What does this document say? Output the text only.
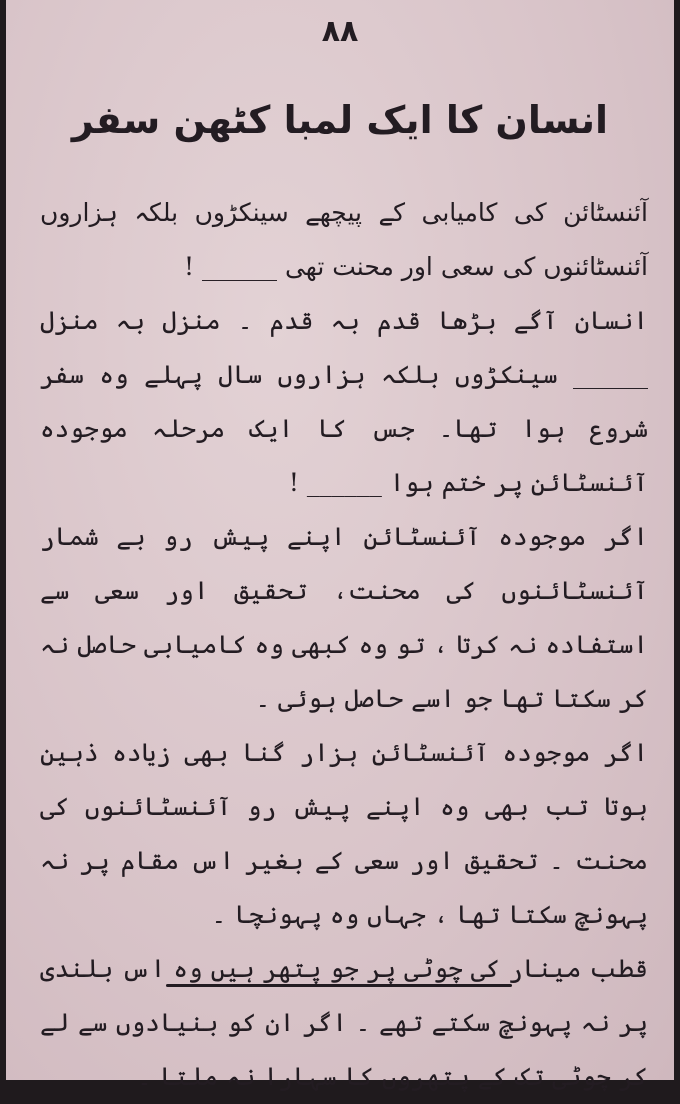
۸۸
انسان کا ایک لمبا کٹھن سفر

آئنسٹائن کی کامیابی کے پیچھے سینکڑوں بلکہ ہزاروں آئنسٹائنوں کی سعی اور محنت تھی ______ !

انسان آگے بڑھا قدم بہ قدم ۔ منزل بہ منزل ______ سینکڑوں بلکہ ہزاروں سال پہلے وہ سفر شروع ہوا تھا۔ جس کا ایک مرحلہ موجودہ آئنسٹائن پر ختم ہوا ______ !

اگر موجودہ آئنسٹائن اپنے پیش رو بے شمار آئنسٹائنوں کی محنت، تحقیق اور سعی سے استفادہ نہ کرتا ، تو وہ کبھی وہ کامیابی حاصل نہ کر سکتا تھا جو اسے حاصل ہوئی ۔

اگر موجودہ آئنسٹائن ہزار گنا بھی زیادہ ذہین ہوتا تب بھی وہ اپنے پیش رو آئنسٹائنوں کی محنت ۔ تحقیق اور سعی کے بغیر اس مقام پر نہ پہونچ سکتا تھا ، جہاں وہ پہونچا ۔

قطب مینار کی چوٹی پر جو پتھر ہیں وہ اس بلندی پر نہ پہونچ سکتے تھے ۔ اگر ان کو بنیادوں سے لے کر چوٹی تک کے پتھروں کا سہارا نہ ملتا ۔
